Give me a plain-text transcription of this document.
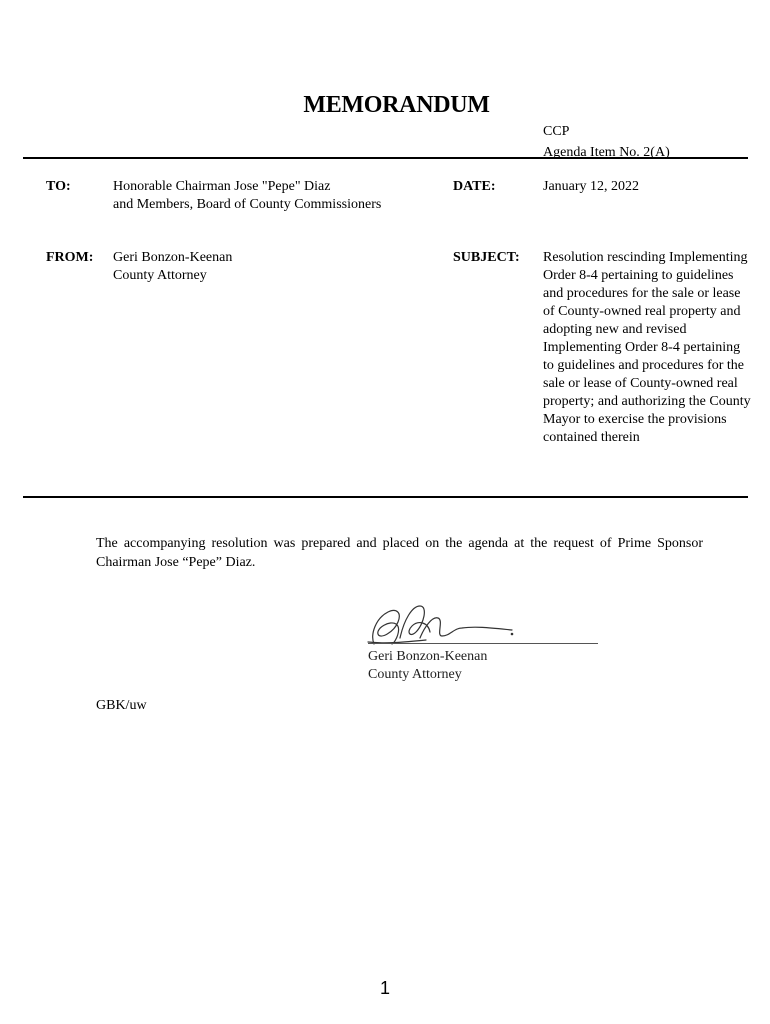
MEMORANDUM
CCP
Agenda Item No. 2(A)
TO:	Honorable Chairman Jose "Pepe" Diaz
and Members, Board of County Commissioners
DATE:	January 12, 2022
FROM: Geri Bonzon-Keenan
County Attorney
SUBJECT: Resolution rescinding Implementing Order 8-4 pertaining to guidelines and procedures for the sale or lease of County-owned real property and adopting new and revised Implementing Order 8-4 pertaining to guidelines and procedures for the sale or lease of County-owned real property; and authorizing the County Mayor to exercise the provisions contained therein
The accompanying resolution was prepared and placed on the agenda at the request of Prime Sponsor Chairman Jose “Pepe” Diaz.
Geri Bonzon-Keenan
County Attorney
GBK/uw
1
